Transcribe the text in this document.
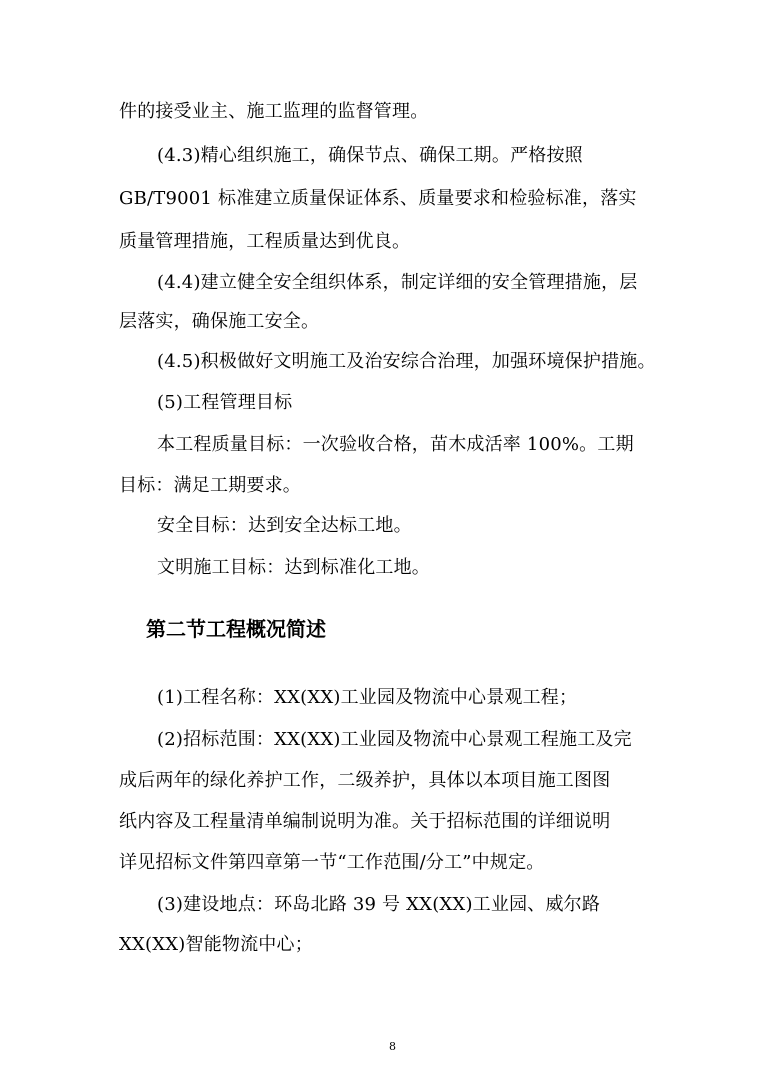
件的接受业主、施工监理的监督管理。
(4.3)精心组织施工，确保节点、确保工期。严格按照
GB/T9001 标准建立质量保证体系、质量要求和检验标准，落实
质量管理措施，工程质量达到优良。
(4.4)建立健全安全组织体系，制定详细的安全管理措施，层
层落实，确保施工安全。
(4.5)积极做好文明施工及治安综合治理，加强环境保护措施。
(5)工程管理目标
本工程质量目标：一次验收合格，苗木成活率 100%。工期
目标：满足工期要求。
安全目标：达到安全达标工地。
文明施工目标：达到标准化工地。
第二节工程概况简述
(1)工程名称：XX(XX)工业园及物流中心景观工程；
(2)招标范围：XX(XX)工业园及物流中心景观工程施工及完
成后两年的绿化养护工作，二级养护，具体以本项目施工图图
纸内容及工程量清单编制说明为准。关于招标范围的详细说明
详见招标文件第四章第一节“工作范围/分工”中规定。
(3)建设地点：环岛北路 39 号 XX(XX)工业园、威尔路
XX(XX)智能物流中心；
8
